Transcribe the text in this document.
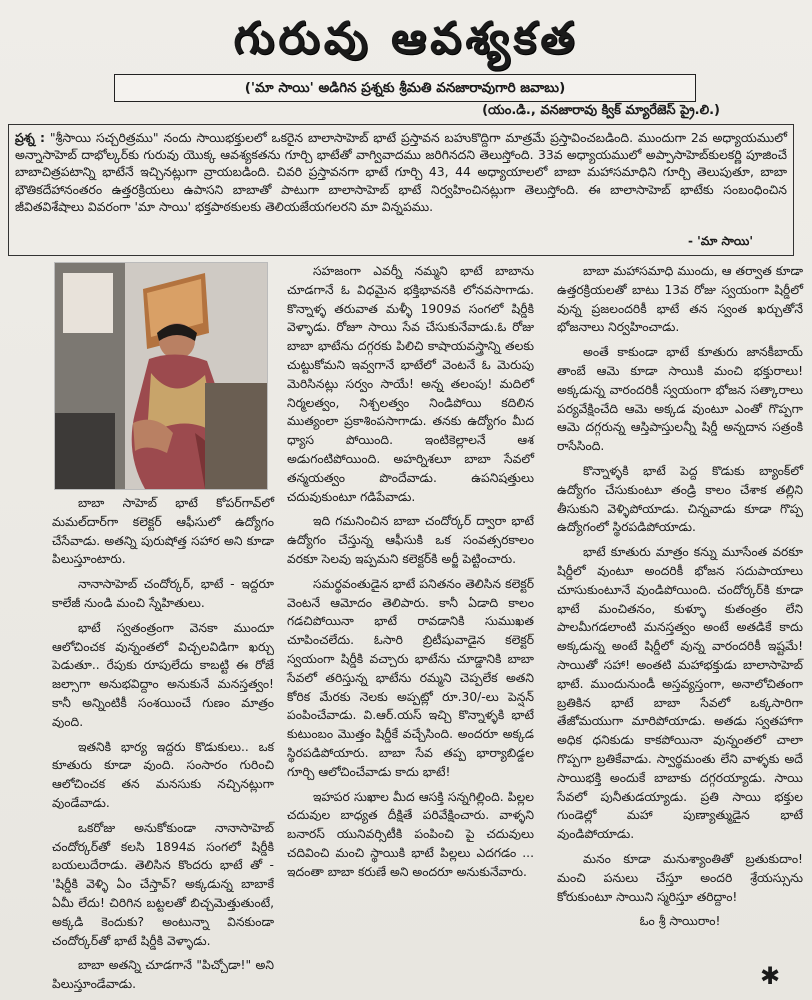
గురువు ఆవశ్యకత
('మా సాయి' అడిగిన ప్రశ్నకు శ్రీమతి వనజారావుగారి జవాబు)
(యం.డి., వనజారావు క్విక్ మ్యారేజెస్ ప్రై.లి.)

ప్రశ్న : "శ్రీసాయి సచ్చరిత్రము" నందు సాయిభక్తులలో ఒకరైన బాలాసాహెబ్ భాటే ప్రస్తావన బహుకొద్దిగా మాత్రమే ప్రస్తావించబడింది. ముందుగా 2వ అధ్యాయములో అన్నాసాహెబ్ దాభోల్కర్‌కు గురువు యొక్క ఆవశ్యకతను గూర్చి భాటేతో వాగ్వివాదము జరిగినదని తెలుస్తోంది. 33వ అధ్యాయములో అప్పాసాహెబ్‌కులకర్ణి పూజించే బాబాచిత్రపటాన్ని భాటేనే ఇచ్చినట్లుగా వ్రాయబడింది. చివరి ప్రస్తావనగా భాటే గూర్చి 43, 44 అధ్యాయాలలో బాబా మహాసమాధిని గూర్చి తెలుపుతూ, బాబా భౌతికదేహానంతరం ఉత్తరక్రియలు ఉపాసని బాబాతో పాటుగా బాలాసాహెబ్ భాటే నిర్వహించినట్లుగా తెలుస్తోంది. ఈ బాలాసాహెబ్ భాటేకు సంబంధించిన జీవితవిశేషాలు వివరంగా 'మా సాయి' భక్తపాఠకులకు తెలియజేయగలరని మా విన్నపము.

- 'మా సాయి'

బాబా సాహెబ్ భాటే కోపర్‌గావ్‌లో మమల్‌దార్‌గా కలెక్టర్ ఆఫీసులో ఉద్యోగం చేసేవాడు. అతన్ని పురుషోత్త సహార అని కూడా పిలుస్తూంటారు.

నానాసాహెబ్ చందోర్కర్, భాటే - ఇద్దరూ కాలేజీ నుండి మంచి స్నేహితులు.

భాటే స్వతంత్రంగా వెనకా ముందూ ఆలోచించక వున్నంతలో విచ్చలవిడిగా ఖర్చు పెడుతూ.. రేపుకు రూపులేదు కాబట్టి ఈ రోజే జల్సాగా అనుభవిద్దాం అనుకునే మనస్తత్వం! కానీ అన్నింటికీ సంశయించే గుణం మాత్రం వుంది.

ఇతనికి భార్య ఇద్దరు కొడుకులు.. ఒక కూతురు కూడా వుంది. సంసారం గురించి ఆలోచించక తన మనసుకు నచ్చినట్లుగా వుండేవాడు.

ఒకరోజు అనుకోకుండా నానాసాహెబ్ చందోర్కర్‌తో కలసి 1894వ సంగలో షిర్డీకి బయలుదేరాడు. తెలిసిన కొందరు భాటే తో -'షిర్డీకి వెళ్ళి ఏం చేస్తావ్? అక్కడున్న బాబాకే ఏమీ లేదు! చిరిగిన బట్టలతో బిచ్చమెత్తుతుంటే, అక్కడి కెందుకు? అంటున్నా వినకుండా చందోర్కర్‌తో భాటే షిర్డీకి వెళ్ళాడు.

బాబా అతన్ని చూడగానే "పిచ్చోడా!" అని పిలుస్తూండేవాడు.

సహజంగా ఎవర్నీ నమ్మని భాటే బాబాను చూడగానే ఓ విధమైన భక్తిభావనకి లోనవసాగాడు. కొన్నాళ్ళ తరువాత మళ్ళీ 1909వ సంగలో షిర్డీకి వెళ్ళాడు. రోజూ సాయి సేవ చేసుకునేవాడు.ఓ రోజు బాబా భాటేను దగ్గరకు పిలిచి కాషాయవస్త్రాన్ని తలకు చుట్టుకోమని ఇవ్వగానే భాటేలో వెంటనే ఓ మెరుపు మెరిసినట్లు సర్వం సాయే! అన్న తలంపు! మదిలో నిర్మలత్వం, నిశ్చలత్వం నిండిపోయి కదిలిన ముత్యంలా ప్రకాశింపసాగాడు. తనకు ఉద్యోగం మీద ధ్యాస పోయింది. ఇంటికెల్లాలనే ఆశ అడుగంటిపోయింది. అహర్నిశలూ బాబా సేవలో తన్మయత్వం పొందేవాడు. ఉపనిషత్తులు చదువుకుంటూ గడిపేవాడు.

ఇది గమనించిన బాబా చందోర్కర్ ద్వారా భాటే ఉద్యోగం చేస్తున్న ఆఫీసుకి ఒక సంవత్సరకాలం వరకూ సెలవు ఇప్పమని కలెక్టర్‌కి అర్జీ పెట్టించారు.

సమర్థవంతుడైన భాటే పనితనం తెలిసిన కలెక్టర్ వెంటనే ఆమోదం తెలిపారు. కానీ ఏడాది కాలం గడచిపోయినా భాటే రావడానికి సుముఖత చూపించలేదు. ఓసారి బ్రిటీషువాడైన కలెక్టర్ స్వయంగా షిర్డీకి వచ్చారు భాటేను చూడ్డానికి బాబా సేవలో తరిస్తున్న భాటేను రమ్మని చెప్పలేక అతని కోరిక మేరకు నెలకు అప్పట్లో రూ.30/-లు పెన్షన్ పంపించేవాడు. వి.ఆర్.యస్ ఇచ్చి కొన్నాళ్ళకి భాటే కుటుంబం మొత్తం షిర్డీకే వచ్చేసింది. అందరూ అక్కడ స్థిరపడిపోయారు. బాబా సేవ తప్ప భార్యాబిడ్డల గూర్చి ఆలోచించేవాడు కాదు భాటే!

ఇహపర సుఖాల మీద ఆసక్తి సన్నగిల్లింది. పిల్లల చదువుల బాధ్యత దీక్షితే పరివేక్షించారు. వాళ్ళని బనారస్ యునివర్సిటీకి పంపించి పై చదువులు చదివించి మంచి స్థాయికి భాటే పిల్లలు ఎదగడం ... ఇదంతా బాబా కరుణే అని అందరూ అనుకునేవారు.

బాబా మహాసమాధి ముందు, ఆ తర్వాత కూడా ఉత్తరక్రియలతో బాటు 13వ రోజు స్వయంగా షిర్డీలో వున్న ప్రజలందరికీ భాటే తన స్వంత ఖర్చుతోనే భోజనాలు నిర్వహించాడు.

అంతే కాకుండా భాటే కూతురు జానకీబాయ్ తాంబే ఆమె కూడా సాయికి మంచి భక్తురాలు! అక్కడున్న వారందరికీ స్వయంగా భోజన సత్కారాలు పర్యవేక్షించేది ఆమె అక్కడ వుంటూ ఎంతో గొప్పగా ఆమె దగ్గరున్న ఆస్తిపాస్తులన్నీ షిర్డీ అన్నదాన సత్రంకి రాసేసింది.

కొన్నాళ్ళకి భాటే పెద్ద కొడుకు బ్యాంక్‌లో ఉద్యోగం చేసుకుంటూ తండ్రి కాలం చేశాక తల్లిని తీసుకుని వెళ్ళిపోయాడు. చిన్నవాడు కూడా గొప్ప ఉద్యోగంలో స్థిరపడిపోయాడు.

భాటే కూతురు మాత్రం కన్ను మూసేంత వరకూ షిర్డీలో వుంటూ అందరికీ భోజన సదుపాయాలు చూసుకుంటూనే వుండిపోయింది. చందోర్కర్‌కి కూడా భాటే మంచితనం, కుళ్ళూ కుతంత్రం లేని పాలమీగడలాంటి మనస్తత్వం అంటే అతడికే కాదు అక్కడున్న అంటే షిర్డీలో వున్న వారందరికీ ఇష్టమే! సాయితో సహా! అంతటి మహాభక్తుడు బాలాసాహెబ్ భాటే. ముందునుండీ అస్తవ్యస్తంగా, అనాలోచితంగా బ్రతికిన భాటే బాబా సేవలో ఒక్కసారిగా తేజోమయుగా మారిపోయాడు. అతడు స్వతహాగా అధిక ధనికుడు కాకపోయినా వున్నంతలో చాలా గొప్పగా బ్రతికేవాడు. స్వార్థమంతు లేని వాళ్ళకు అదే సాయిభక్తి అందుకే బాబాకు దగ్గరయ్యాడు. సాయి సేవలో పునీతుడయ్యాడు. ప్రతి సాయి భక్తుల గుండెల్లో మహా పుణ్యాత్ముడైన భాటే వుండిపోయాడు.

మనం కూడా మనుశ్యాంతితో బ్రతుకుదాం! మంచి పనులు చేస్తూ అందరి శ్రేయస్సును కోరుకుంటూ సాయిని స్మరిస్తూ తరిద్దాం!

ఓం శ్రీ సాయిరాం!

✱
